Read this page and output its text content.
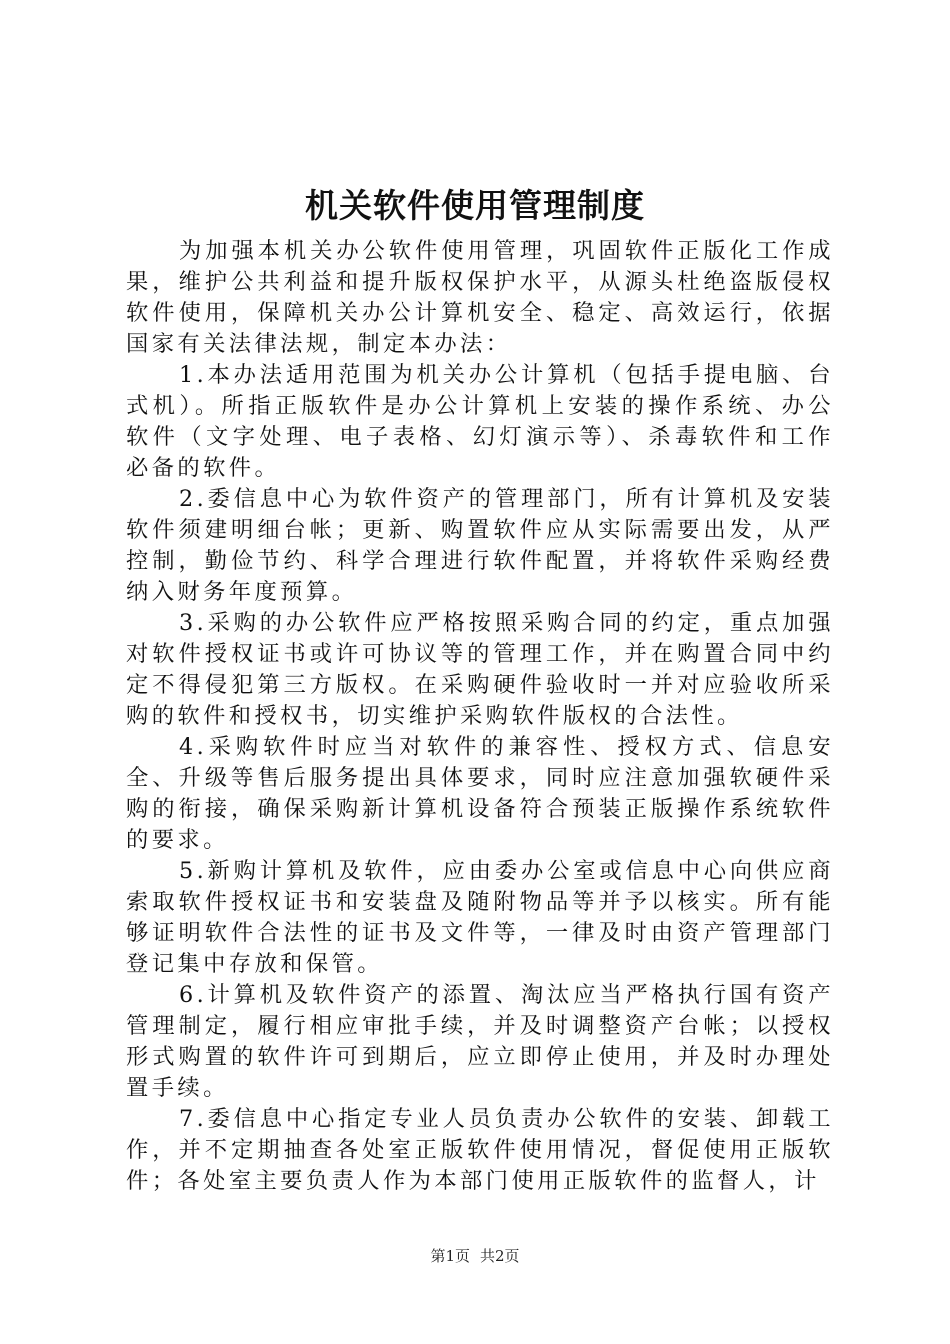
机关软件使用管理制度

为加强本机关办公软件使用管理，巩固软件正版化工作成果，维护公共利益和提升版权保护水平，从源头杜绝盗版侵权软件使用，保障机关办公计算机安全、稳定、高效运行，依据国家有关法律法规，制定本办法：

1.本办法适用范围为机关办公计算机（包括手提电脑、台式机）。所指正版软件是办公计算机上安装的操作系统、办公软件（文字处理、电子表格、幻灯演示等）、杀毒软件和工作必备的软件。

2.委信息中心为软件资产的管理部门，所有计算机及安装软件须建明细台帐；更新、购置软件应从实际需要出发，从严控制，勤俭节约、科学合理进行软件配置，并将软件采购经费纳入财务年度预算。

3.采购的办公软件应严格按照采购合同的约定，重点加强对软件授权证书或许可协议等的管理工作，并在购置合同中约定不得侵犯第三方版权。在采购硬件验收时一并对应验收所采购的软件和授权书，切实维护采购软件版权的合法性。

4.采购软件时应当对软件的兼容性、授权方式、信息安全、升级等售后服务提出具体要求，同时应注意加强软硬件采购的衔接，确保采购新计算机设备符合预装正版操作系统软件的要求。

5.新购计算机及软件，应由委办公室或信息中心向供应商索取软件授权证书和安装盘及随附物品等并予以核实。所有能够证明软件合法性的证书及文件等，一律及时由资产管理部门登记集中存放和保管。

6.计算机及软件资产的添置、淘汰应当严格执行国有资产管理制定，履行相应审批手续，并及时调整资产台帐；以授权形式购置的软件许可到期后，应立即停止使用，并及时办理处置手续。

7.委信息中心指定专业人员负责办公软件的安装、卸载工作，并不定期抽查各处室正版软件使用情况，督促使用正版软件；各处室主要负责人作为本部门使用正版软件的监督人，计

第1页 共2页
